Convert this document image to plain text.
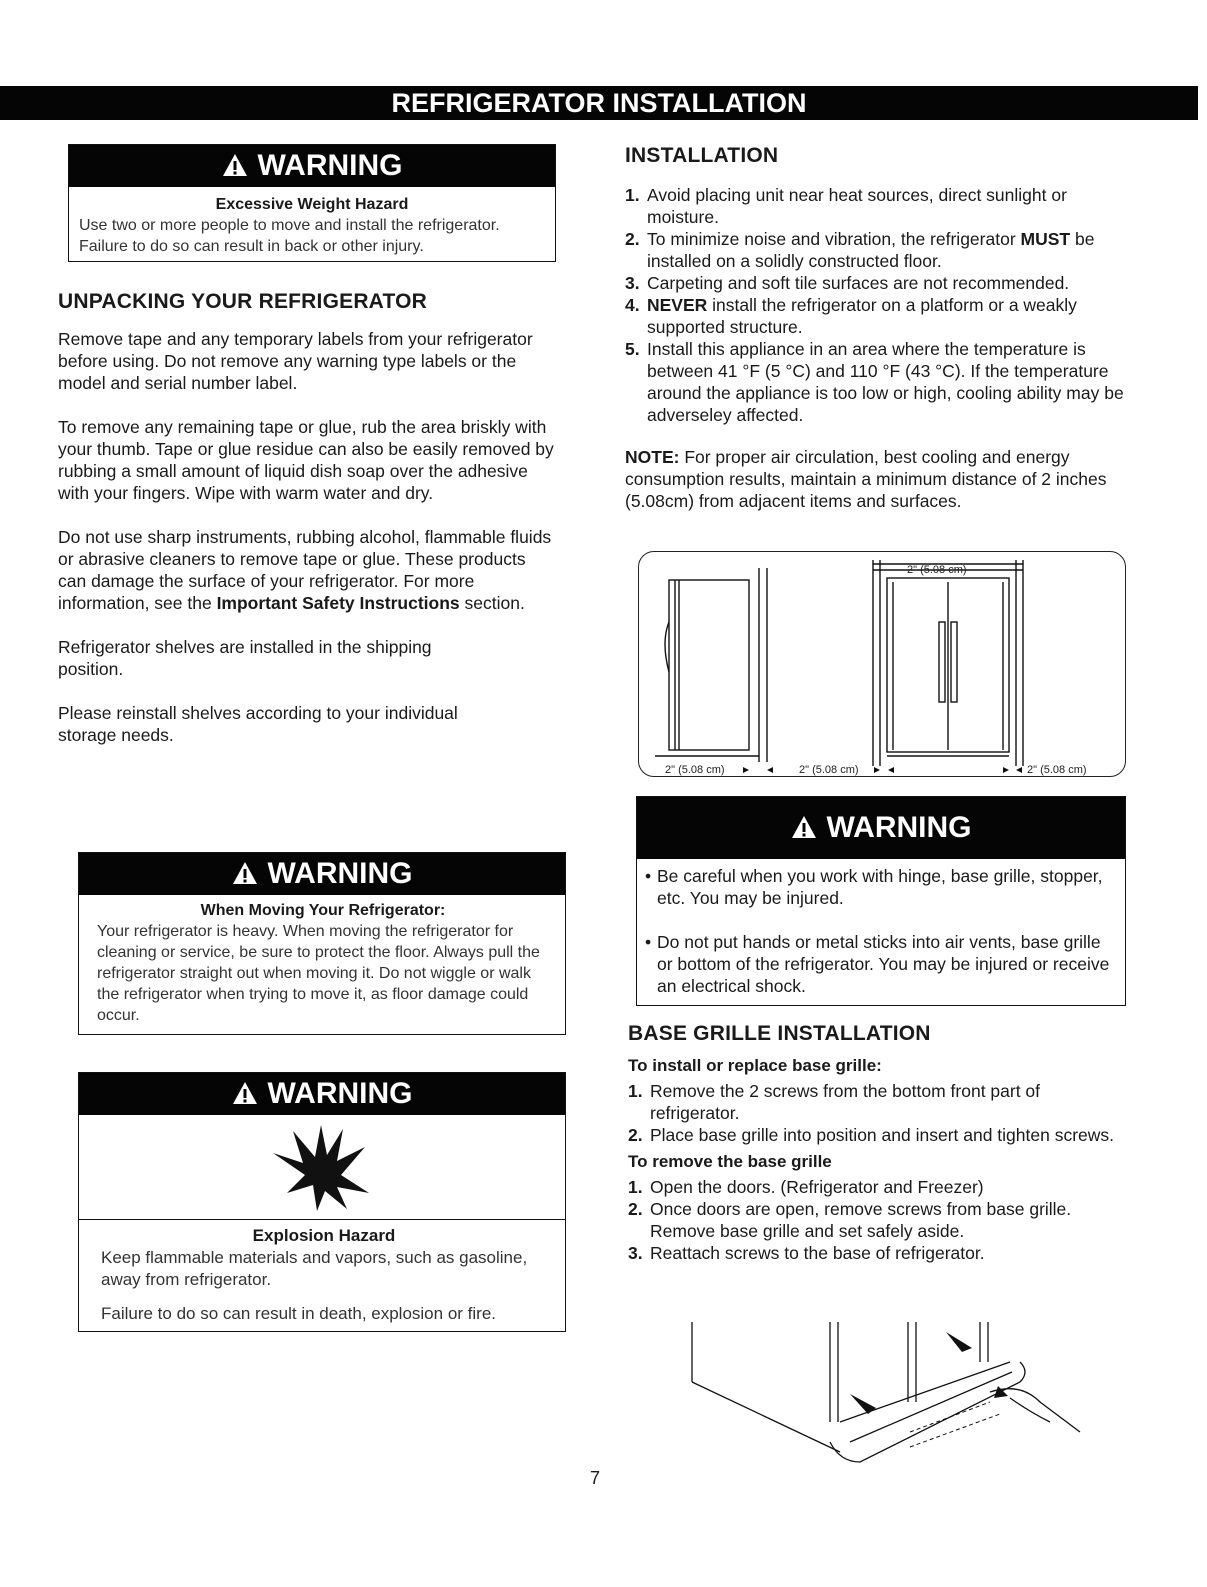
REFRIGERATOR INSTALLATION
WARNING
Excessive Weight Hazard
Use two or more people to move and install the refrigerator.
Failure to do so can result in back or other injury.
UNPACKING YOUR REFRIGERATOR

Remove tape and any temporary labels from your refrigerator before using. Do not remove any warning type labels or the model and serial number label.

To remove any remaining tape or glue, rub the area briskly with your thumb. Tape or glue residue can also be easily removed by rubbing a small amount of liquid dish soap over the adhesive with your fingers. Wipe with warm water and dry.

Do not use sharp instruments, rubbing alcohol, flammable fluids or abrasive cleaners to remove tape or glue. These products can damage the surface of your refrigerator. For more information, see the Important Safety Instructions section.

Refrigerator shelves are installed in the shipping position.

Please reinstall shelves according to your individual storage needs.

WARNING
When Moving Your Refrigerator:
Your refrigerator is heavy. When moving the refrigerator for cleaning or service, be sure to protect the floor. Always pull the refrigerator straight out when moving it. Do not wiggle or walk the refrigerator when trying to move it, as floor damage could occur.
WARNING
Explosion Hazard
Keep flammable materials and vapors, such as gasoline, away from refrigerator.
Failure to do so can result in death, explosion or fire.
INSTALLATION
1. Avoid placing unit near heat sources, direct sunlight or moisture.
2. To minimize noise and vibration, the refrigerator MUST be installed on a solidly constructed floor.
3. Carpeting and soft tile surfaces are not recommended.
4. NEVER install the refrigerator on a platform or a weakly supported structure.
5. Install this appliance in an area where the temperature is between 41 °F (5 °C) and 110 °F (43 °C). If the temperature around the appliance is too low or high, cooling ability may be adverseley affected.

NOTE: For proper air circulation, best cooling and energy consumption results, maintain a minimum distance of 2 inches (5.08cm) from adjacent items and surfaces.

2" (5.08 cm)
2" (5.08 cm)	2" (5.08 cm)	2" (5.08 cm)
WARNING
• Be careful when you work with hinge, base grille, stopper, etc. You may be injured.
• Do not put hands or metal sticks into air vents, base grille or bottom of the refrigerator. You may be injured or receive an electrical shock.
BASE GRILLE INSTALLATION
To install or replace base grille:
1. Remove the 2 screws from the bottom front part of refrigerator.
2. Place base grille into position and insert and tighten screws.
To remove the base grille
1. Open the doors. (Refrigerator and Freezer)
2. Once doors are open, remove screws from base grille. Remove base grille and set safely aside.
3. Reattach screws to the base of refrigerator.
7
